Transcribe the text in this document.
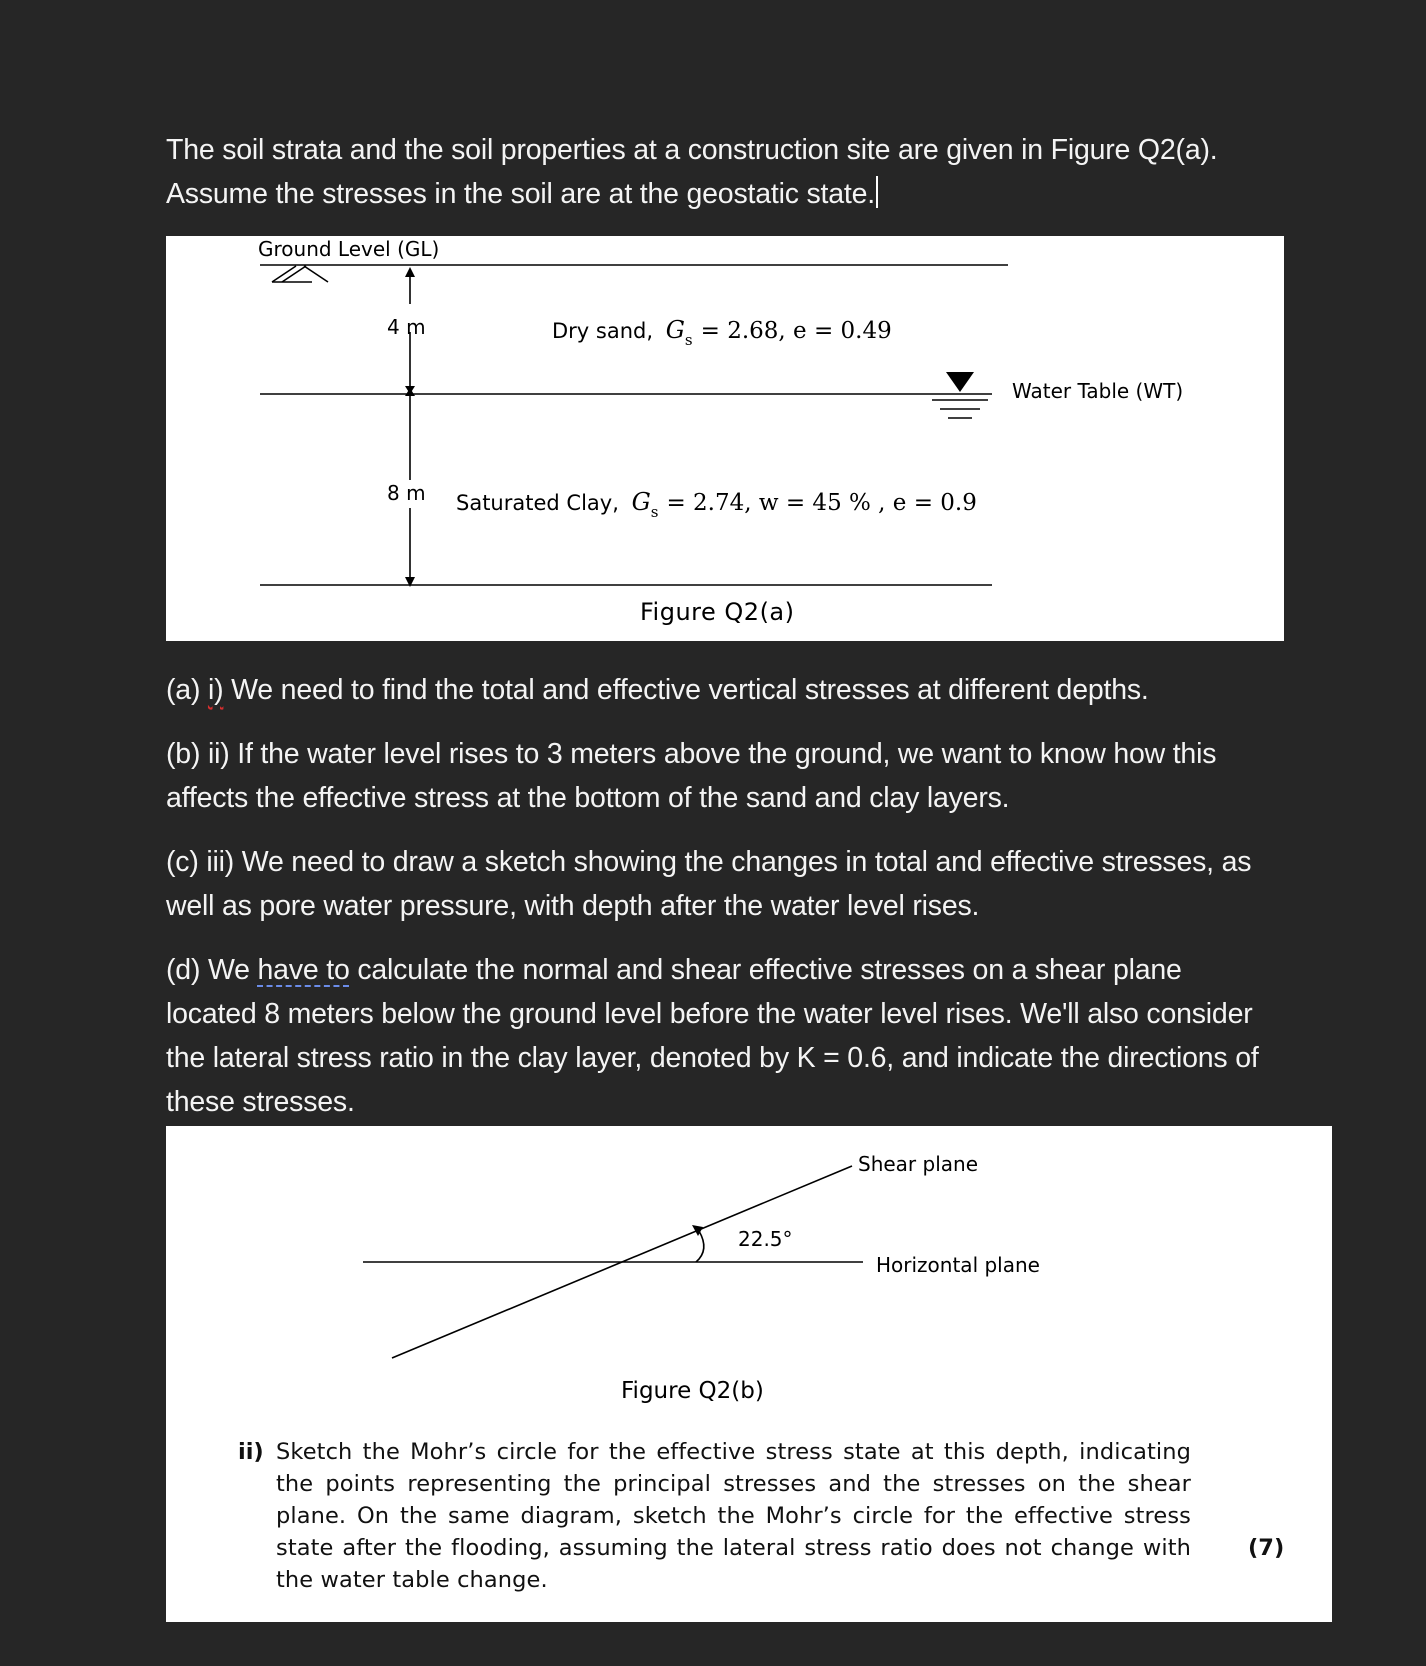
The soil strata and the soil properties at a construction site are given in Figure Q2(a).
Assume the stresses in the soil are at the geostatic state.
Ground Level (GL)
4 m
8 m
Dry sand, $G_s = 2.68$, e = 0.49
Water Table (WT)
Saturated Clay, $G_s = 2.74$, w = 45 % , e = 0.9
Figure Q2(a)
(a) i) We need to find the total and effective vertical stresses at different depths.
(b) ii) If the water level rises to 3 meters above the ground, we want to know how this
affects the effective stress at the bottom of the sand and clay layers.
(c) iii) We need to draw a sketch showing the changes in total and effective stresses, as
well as pore water pressure, with depth after the water level rises.
(d) We have to calculate the normal and shear effective stresses on a shear plane
located 8 meters below the ground level before the water level rises. We'll also consider
the lateral stress ratio in the clay layer, denoted by K = 0.6, and indicate the directions of
these stresses.
22.5°
Shear plane
Horizontal plane
Figure Q2(b)
ii) Sketch the Mohr’s circle for the effective stress state at this depth, indicating the points representing the principal stresses and the stresses on the shear plane. On the same diagram, sketch the Mohr’s circle for the effective stress state after the flooding, assuming the lateral stress ratio does not change with the water table change.
(7)
